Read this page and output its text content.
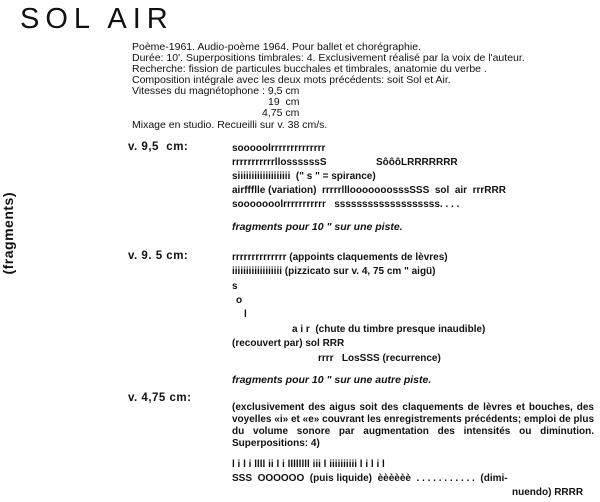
SOL AIR
(fragments)
Poème-1961. Audio-poème 1964. Pour ballet et chorégraphie.
Durée: 10'. Superpositions timbrales: 4. Exclusivement réalisé par la voix de l'auteur.
Recherche: fission de particules bucchales et timbrales, anatomie du verbe .
Composition intégrale avec les deux mots précédents: soit Sol et Air.
Vitesses du magnétophone : 9,5 cm
19  cm
4,75 cm
Mixage en studio. Recueilli sur v. 38 cm/s.
v. 9,5  cm:	sooooolrrrrrrrrrrrrrr
rrrrrrrrrrrllossssssS	SôôôLRRRRRRR
siiiiiiiiiiiiiiiiiii  (" s " = spirance)
airffflle (variation)  rrrrrlllooooooosssSSS  sol  air  rrrRRR
sooooooolrrrrrrrrrrr   sssssssssssssssssss. . . .
fragments pour 10 " sur une piste.
v. 9. 5 cm:	rrrrrrrrrrrrrr (appoints claquements de lèvres)
iiiiiiiiiiiiiiiiii (pizzicato sur v. 4, 75 cm " aigü)
s
o
l
a i r  (chute du timbre presque inaudible)
(recouvert par) sol RRR
rrrr   LosSSS (recurrence)
fragments pour 10 " sur une autre piste.
v. 4,75 cm:
(exclusivement des aigus soit des claquements de lèvres et bouches, des voyelles «i» et «e» couvrant les enregistrements précédents; emploi de plus du volume sonore par augmentation des intensités ou diminution. Superpositions: 4)
l i l i llll ii l i llllllll iii l iiiiiiiiii l i l i l
SSS  OOOOOO  (puis liquide)  èèèèèè  . . . . . . . . . . .  (dimi-
nuendo) RRRR
